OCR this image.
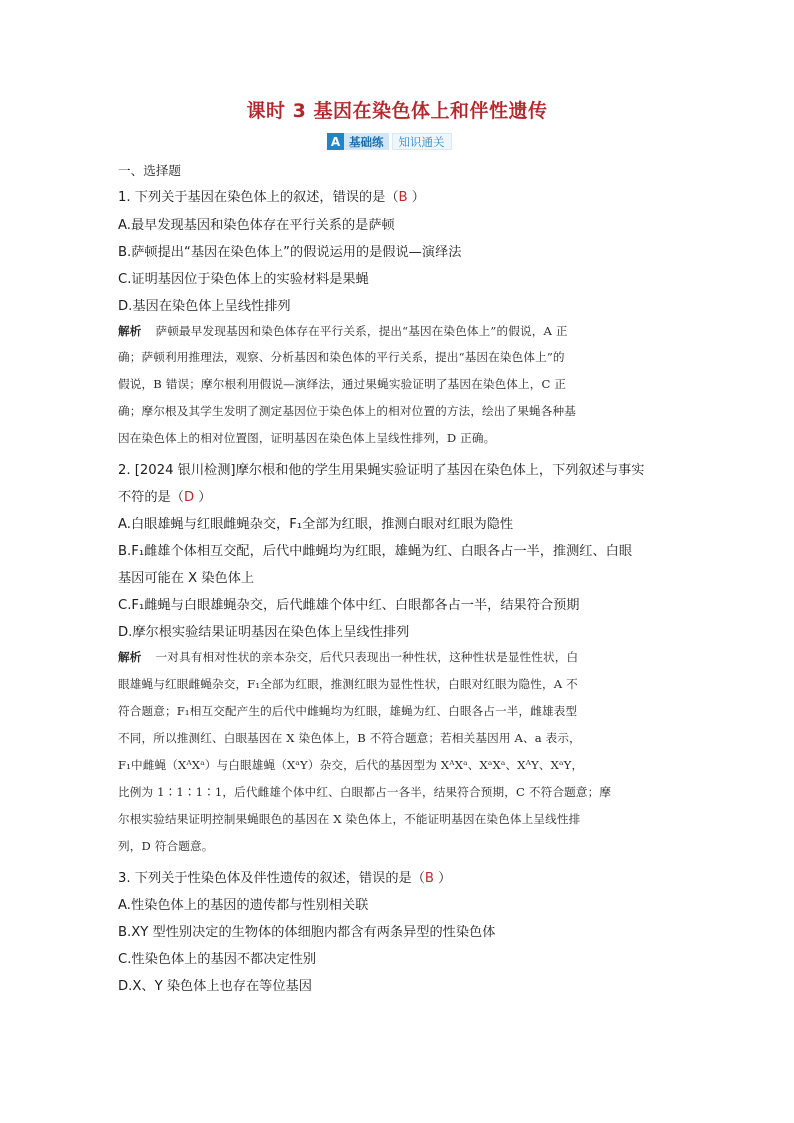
课时 3 基因在染色体上和伴性遗传
A 基础练	知识通关
一、选择题
1. 下列关于基因在染色体上的叙述，错误的是（B ）
A.最早发现基因和染色体存在平行关系的是萨顿
B.萨顿提出“基因在染色体上”的假说运用的是假说—演绎法
C.证明基因位于染色体上的实验材料是果蝇
D.基因在染色体上呈线性排列
解析 萨顿最早发现基因和染色体存在平行关系，提出“基因在染色体上”的假说，A 正
确；萨顿利用推理法，观察、分析基因和染色体的平行关系，提出“基因在染色体上”的
假说，B 错误；摩尔根利用假说—演绎法，通过果蝇实验证明了基因在染色体上，C 正
确；摩尔根及其学生发明了测定基因位于染色体上的相对位置的方法，绘出了果蝇各种基
因在染色体上的相对位置图，证明基因在染色体上呈线性排列，D 正确。
2. [2024 银川检测]摩尔根和他的学生用果蝇实验证明了基因在染色体上，下列叙述与事实
不符的是（D ）
A.白眼雄蝇与红眼雌蝇杂交，F₁全部为红眼，推测白眼对红眼为隐性
B.F₁雌雄个体相互交配，后代中雌蝇均为红眼，雄蝇为红、白眼各占一半，推测红、白眼
基因可能在 X 染色体上
C.F₁雌蝇与白眼雄蝇杂交，后代雌雄个体中红、白眼都各占一半，结果符合预期
D.摩尔根实验结果证明基因在染色体上呈线性排列
解析 一对具有相对性状的亲本杂交，后代只表现出一种性状，这种性状是显性性状，白
眼雄蝇与红眼雌蝇杂交，F₁全部为红眼，推测红眼为显性性状，白眼对红眼为隐性，A 不
符合题意；F₁相互交配产生的后代中雌蝇均为红眼，雄蝇为红、白眼各占一半，雌雄表型
不同，所以推测红、白眼基因在 X 染色体上，B 不符合题意；若相关基因用 A、a 表示，
F₁中雌蝇（XᴬXᵃ）与白眼雄蝇（XᵃY）杂交，后代的基因型为 XᴬXᵃ、XᵃXᵃ、XᴬY、XᵃY，
比例为 1∶1∶1∶1，后代雌雄个体中红、白眼都占一各半，结果符合预期，C 不符合题意；摩
尔根实验结果证明控制果蝇眼色的基因在 X 染色体上，不能证明基因在染色体上呈线性排
列，D 符合题意。
3. 下列关于性染色体及伴性遗传的叙述，错误的是（B ）
A.性染色体上的基因的遗传都与性别相关联
B.XY 型性别决定的生物体的体细胞内都含有两条异型的性染色体
C.性染色体上的基因不都决定性别
D.X、Y 染色体上也存在等位基因
